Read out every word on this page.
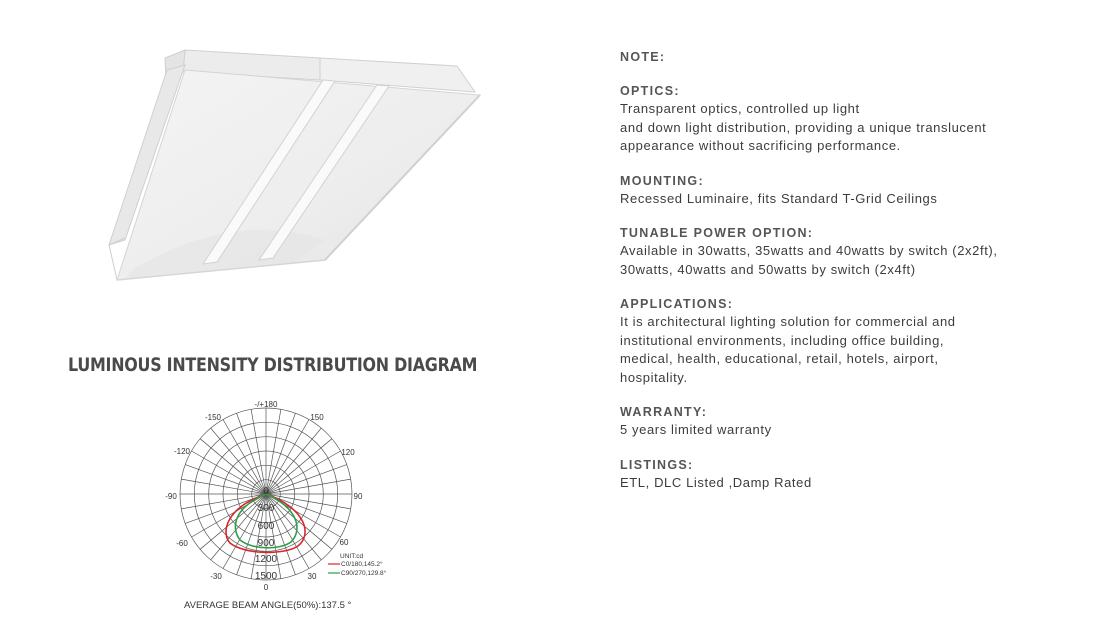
LUMINOUS INTENSITY DISTRIBUTION DIAGRAM
-/+180
-150	150
-120	120
-90	90
-60	60
-30	30
0
0
300
600
900
1200
1500
UNIT:cd
C0/180,145.2°
C90/270,129.8°
AVERAGE BEAM ANGLE(50%):137.5 °
NOTE:
OPTICS:

Transparent optics, controlled up light

and down light distribution, providing a unique translucent

appearance without sacrificing performance.

MOUNTING:

Recessed Luminaire, fits Standard T-Grid Ceilings

TUNABLE POWER OPTION:

Available in 30watts, 35watts and 40watts by switch (2x2ft),

30watts, 40watts and 50watts by switch (2x4ft)

APPLICATIONS:

It is architectural lighting solution for commercial and

institutional environments, including office building,

medical, health, educational, retail, hotels, airport,

hospitality.

WARRANTY:

5 years limited warranty

LISTINGS:

ETL, DLC Listed ,Damp Rated
